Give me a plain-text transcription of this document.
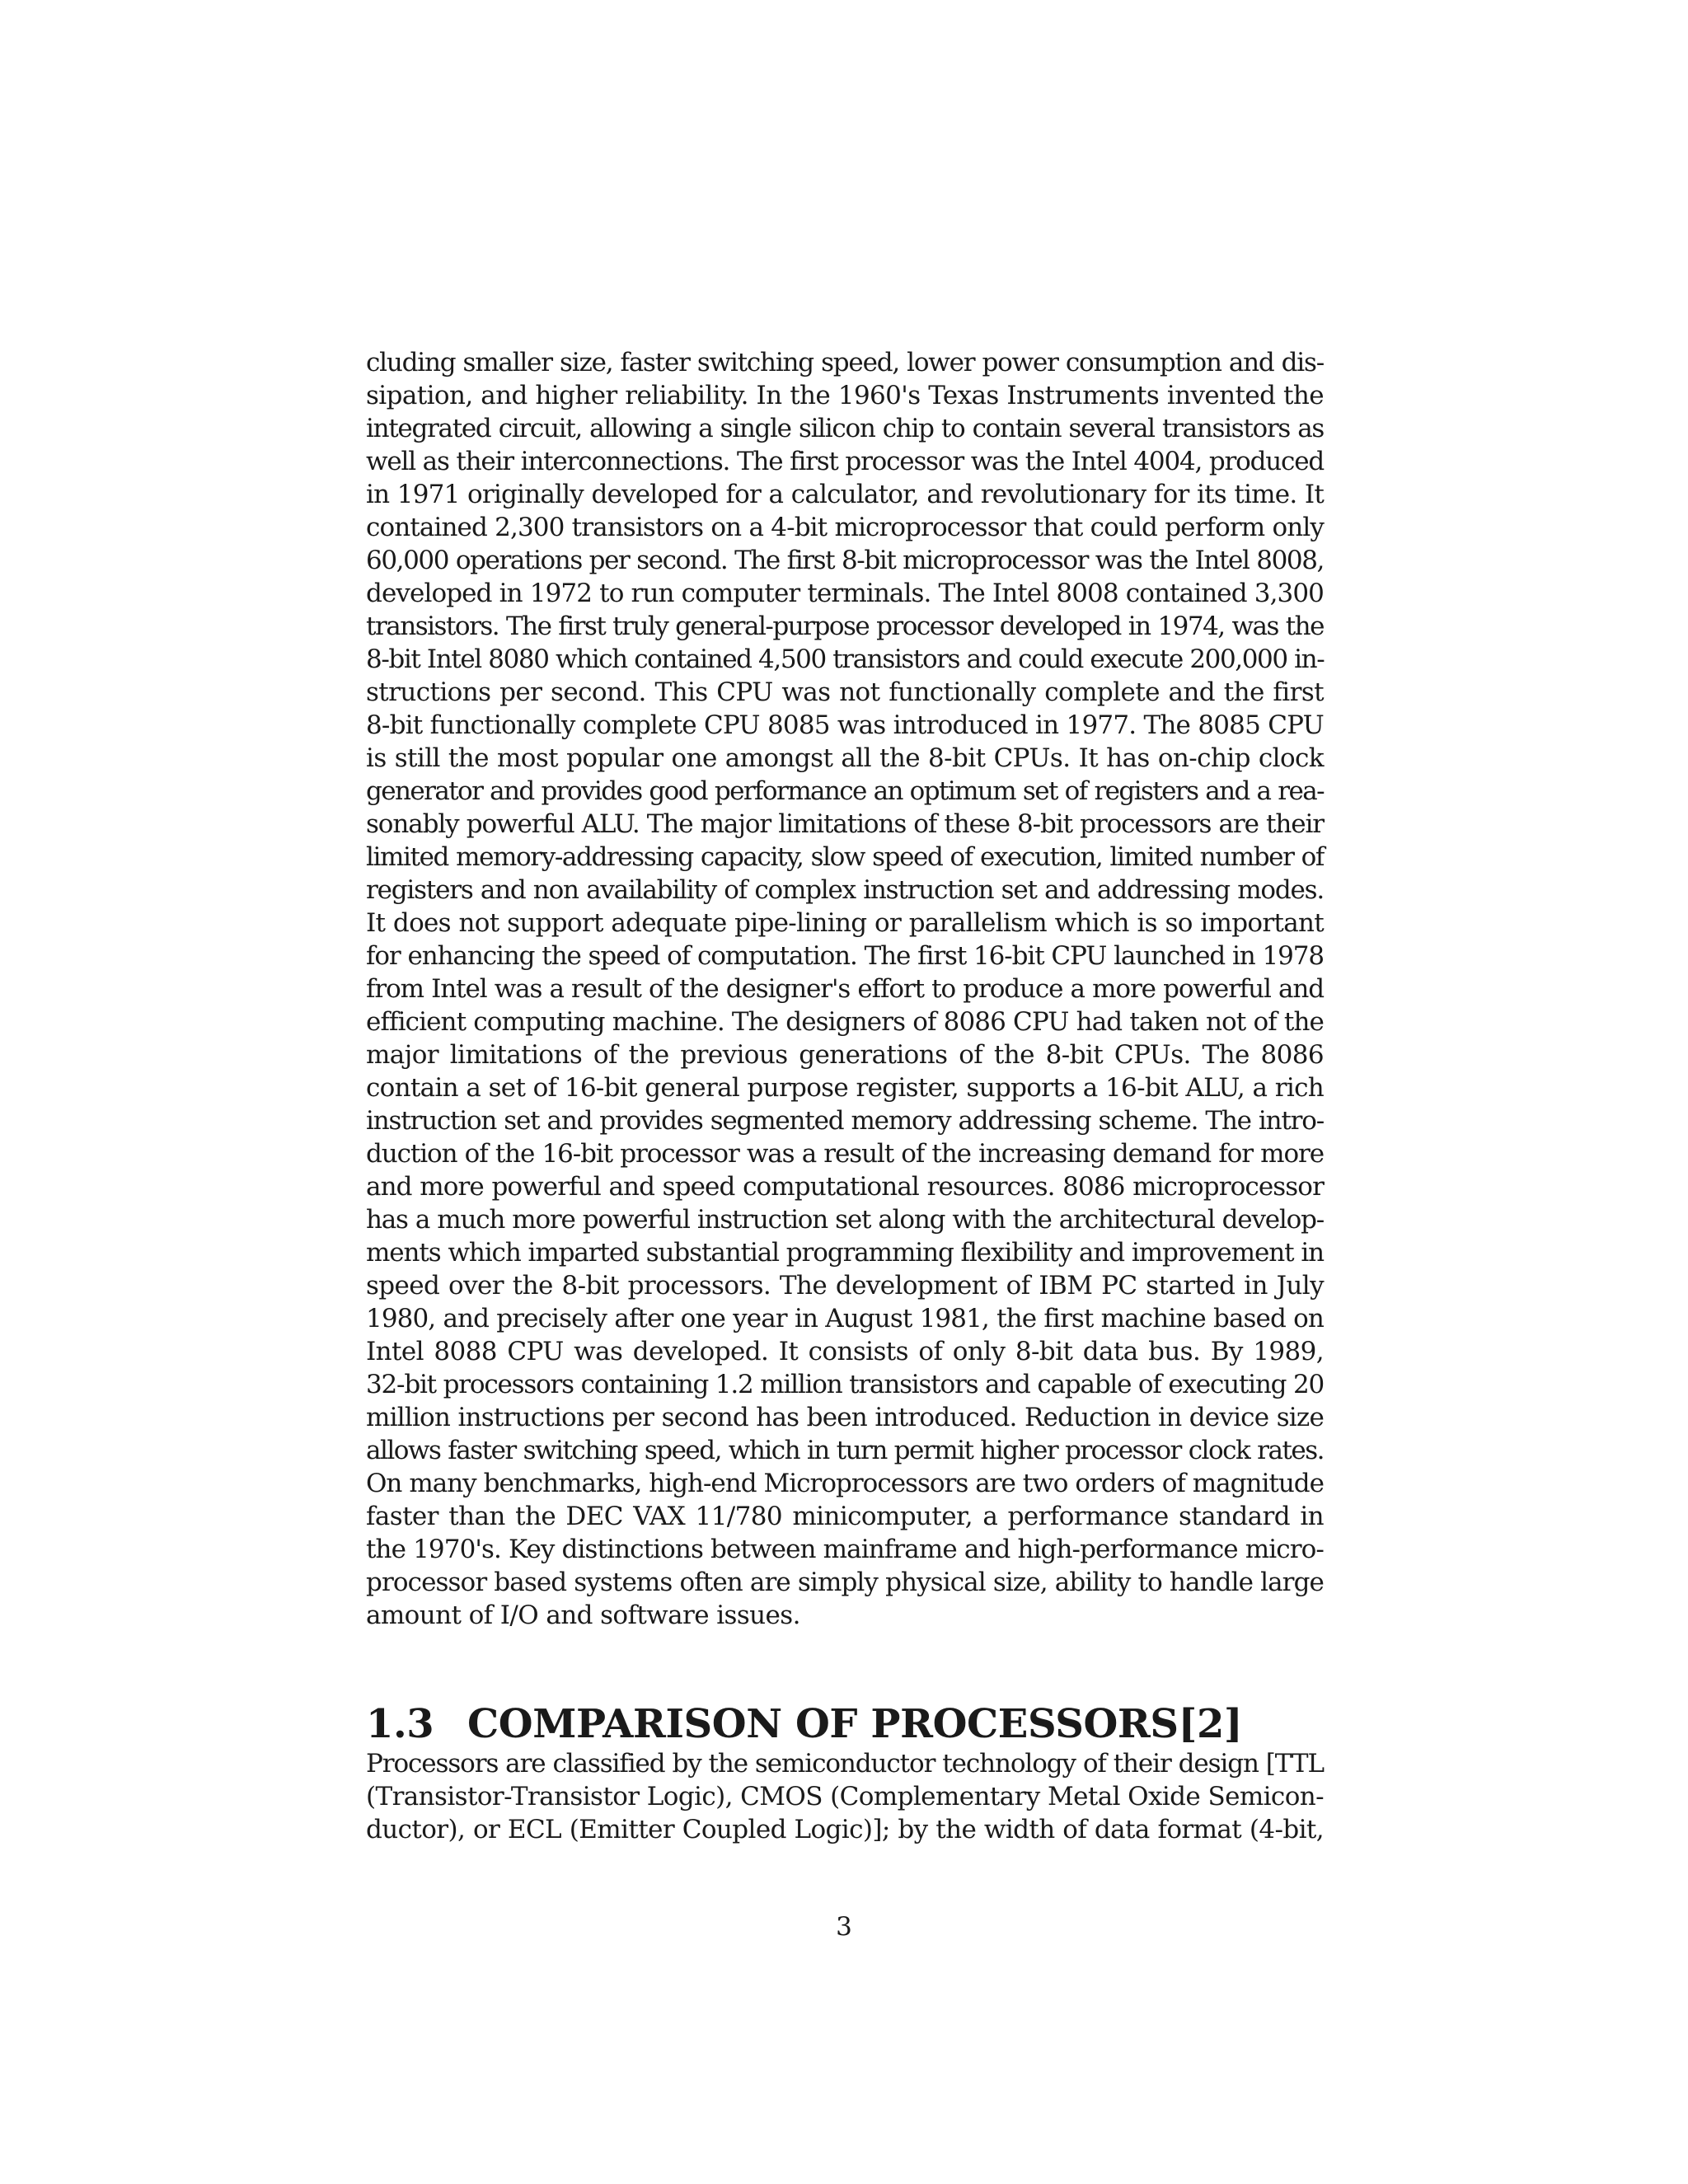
cluding smaller size, faster switching speed, lower power consumption and dis-
sipation, and higher reliability. In the 1960's Texas Instruments invented the
integrated circuit, allowing a single silicon chip to contain several transistors as
well as their interconnections. The first processor was the Intel 4004, produced
in 1971 originally developed for a calculator, and revolutionary for its time. It
contained 2,300 transistors on a 4-bit microprocessor that could perform only
60,000 operations per second. The first 8-bit microprocessor was the Intel 8008,
developed in 1972 to run computer terminals. The Intel 8008 contained 3,300
transistors. The first truly general-purpose processor developed in 1974, was the
8-bit Intel 8080 which contained 4,500 transistors and could execute 200,000 in-
structions per second. This CPU was not functionally complete and the first
8-bit functionally complete CPU 8085 was introduced in 1977. The 8085 CPU
is still the most popular one amongst all the 8-bit CPUs. It has on-chip clock
generator and provides good performance an optimum set of registers and a rea-
sonably powerful ALU. The major limitations of these 8-bit processors are their
limited memory-addressing capacity, slow speed of execution, limited number of
registers and non availability of complex instruction set and addressing modes.
It does not support adequate pipe-lining or parallelism which is so important
for enhancing the speed of computation. The first 16-bit CPU launched in 1978
from Intel was a result of the designer's effort to produce a more powerful and
efficient computing machine. The designers of 8086 CPU had taken not of the
major limitations of the previous generations of the 8-bit CPUs. The 8086
contain a set of 16-bit general purpose register, supports a 16-bit ALU, a rich
instruction set and provides segmented memory addressing scheme. The intro-
duction of the 16-bit processor was a result of the increasing demand for more
and more powerful and speed computational resources. 8086 microprocessor
has a much more powerful instruction set along with the architectural develop-
ments which imparted substantial programming flexibility and improvement in
speed over the 8-bit processors. The development of IBM PC started in July
1980, and precisely after one year in August 1981, the first machine based on
Intel 8088 CPU was developed. It consists of only 8-bit data bus. By 1989,
32-bit processors containing 1.2 million transistors and capable of executing 20
million instructions per second has been introduced. Reduction in device size
allows faster switching speed, which in turn permit higher processor clock rates.
On many benchmarks, high-end Microprocessors are two orders of magnitude
faster than the DEC VAX 11/780 minicomputer, a performance standard in
the 1970's. Key distinctions between mainframe and high-performance micro-
processor based systems often are simply physical size, ability to handle large
amount of I/O and software issues.
1.3 COMPARISON OF PROCESSORS[2]
Processors are classified by the semiconductor technology of their design [TTL
(Transistor-Transistor Logic), CMOS (Complementary Metal Oxide Semicon-
ductor), or ECL (Emitter Coupled Logic)]; by the width of data format (4-bit,
3
